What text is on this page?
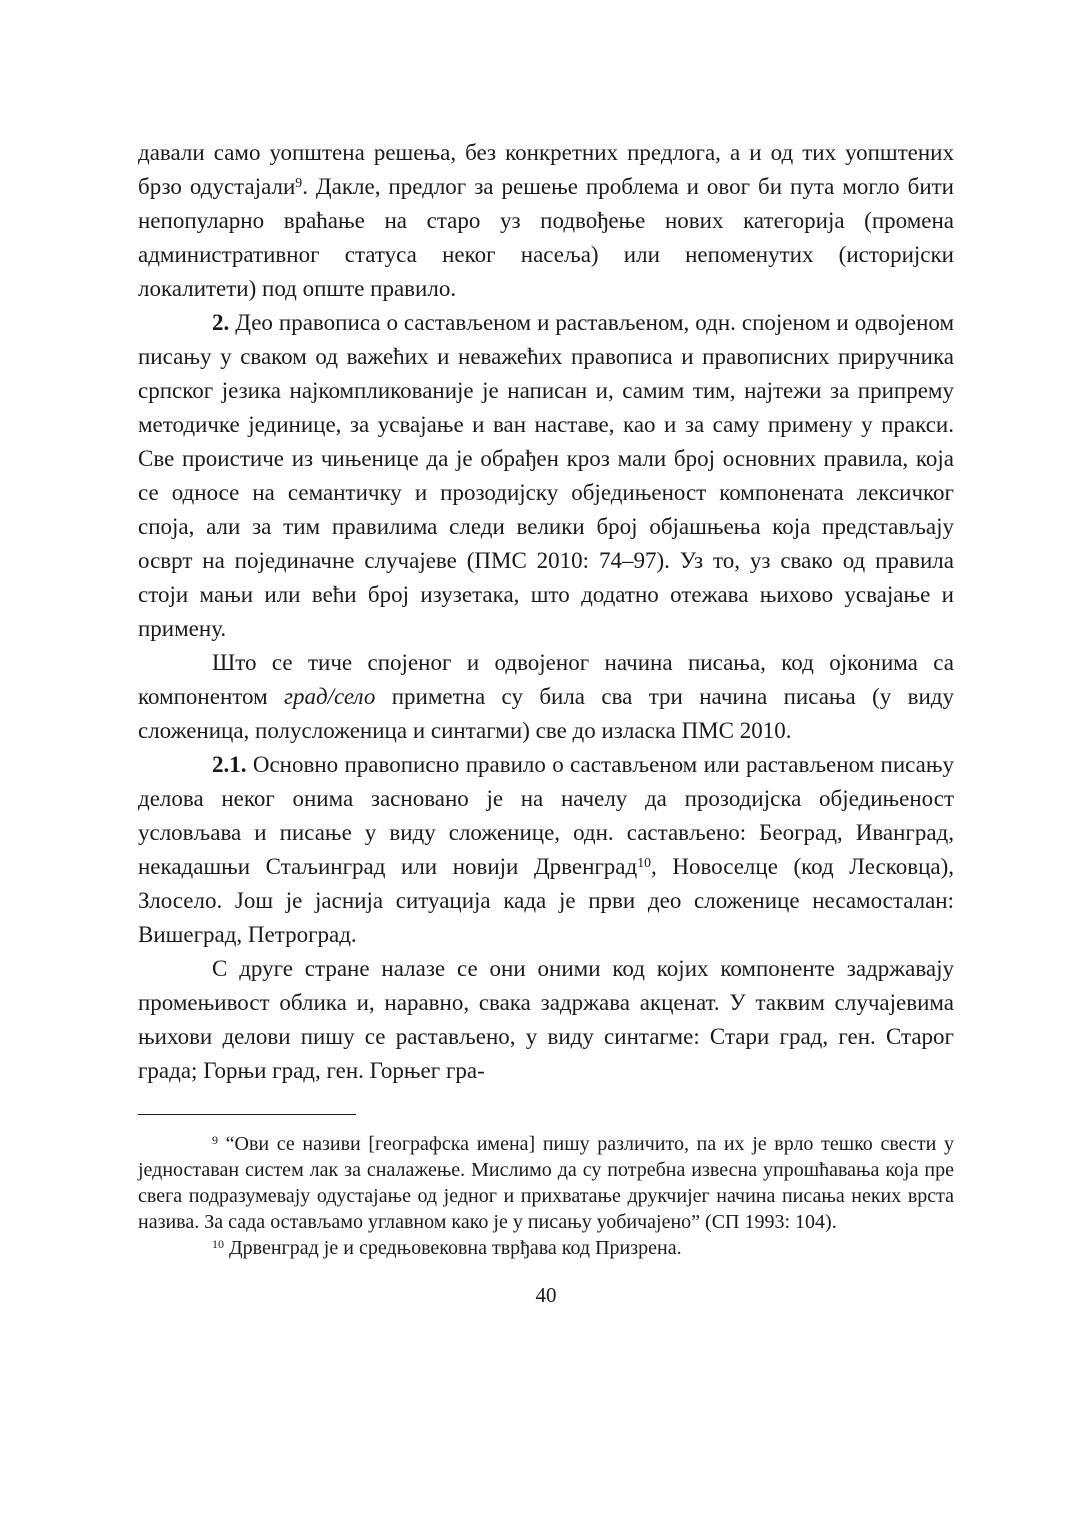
давали само уопштена решења, без конкретних предлога, а и од тих уопштених брзо одустајали$^9$. Дакле, предлог за решење проблема и овог би пута могло бити непопуларно враћање на старо уз подвођење нових категорија (промена административног статуса неког насеља) или непоменутих (историјски локалитети) под опште правило.

2. Део правописа о састављеном и растављеном, одн. спојеном и одвојеном писању у сваком од важећих и неважећих правописа и правописних приручника српског језика најкомпликованије је написан и, самим тим, најтежи за припрему методичке јединице, за усвајање и ван наставе, као и за саму примену у пракси. Све проистиче из чињенице да је обрађен кроз мали број основних правила, која се односе на семантичку и прозодијску обједињеност компонената лексичког споја, али за тим правилима следи велики број објашњења која представљају осврт на појединачне случајеве (ПМС 2010: 74–97). Уз то, уз свако од правила стоји мањи или већи број изузетака, што додатно отежава њихово усвајање и примену.

Што се тиче спојеног и одвојеног начина писања, код ојконима са компонентом град/село приметна су била сва три начина писања (у виду сложеница, полусложеница и синтагми) све до изласка ПМС 2010.

2.1. Основно правописно правило о састављеном или растављеном писању делова неког онима засновано је на начелу да прозодијска обједињеност условљава и писање у виду сложенице, одн. састављено: Београд, Ивангрaд, некадашњи Стаљинград или новији Дрвенград$^{10}$, Новоселце (код Лесковца), Злосело. Још је јаснија ситуација када је први део сложенице несамосталан: Вишеград, Петроград.

С друге стране налазе се они оними код којих компоненте задржавају промењивост облика и, наравно, свака задржава акценат. У таквим случајевима њихови делови пишу се растављено, у виду синтагме: Стари град, ген. Старог града; Горњи град, ген. Горњег гра-

$^9$ “Ови се називи [географска имена] пишу различито, па их је врло тешко свести у једноставан систем лак за сналажење. Мислимо да су потребна извесна упрошћавања која пре свега подразумевају одустајање од једног и прихватање друкчијег начина писања неких врста назива. За сада остављамо углавном како је у писању уобичајено” (СП 1993: 104).

$^{10}$ Дрвенград је и средњовековна тврђава код Призрена.

40
